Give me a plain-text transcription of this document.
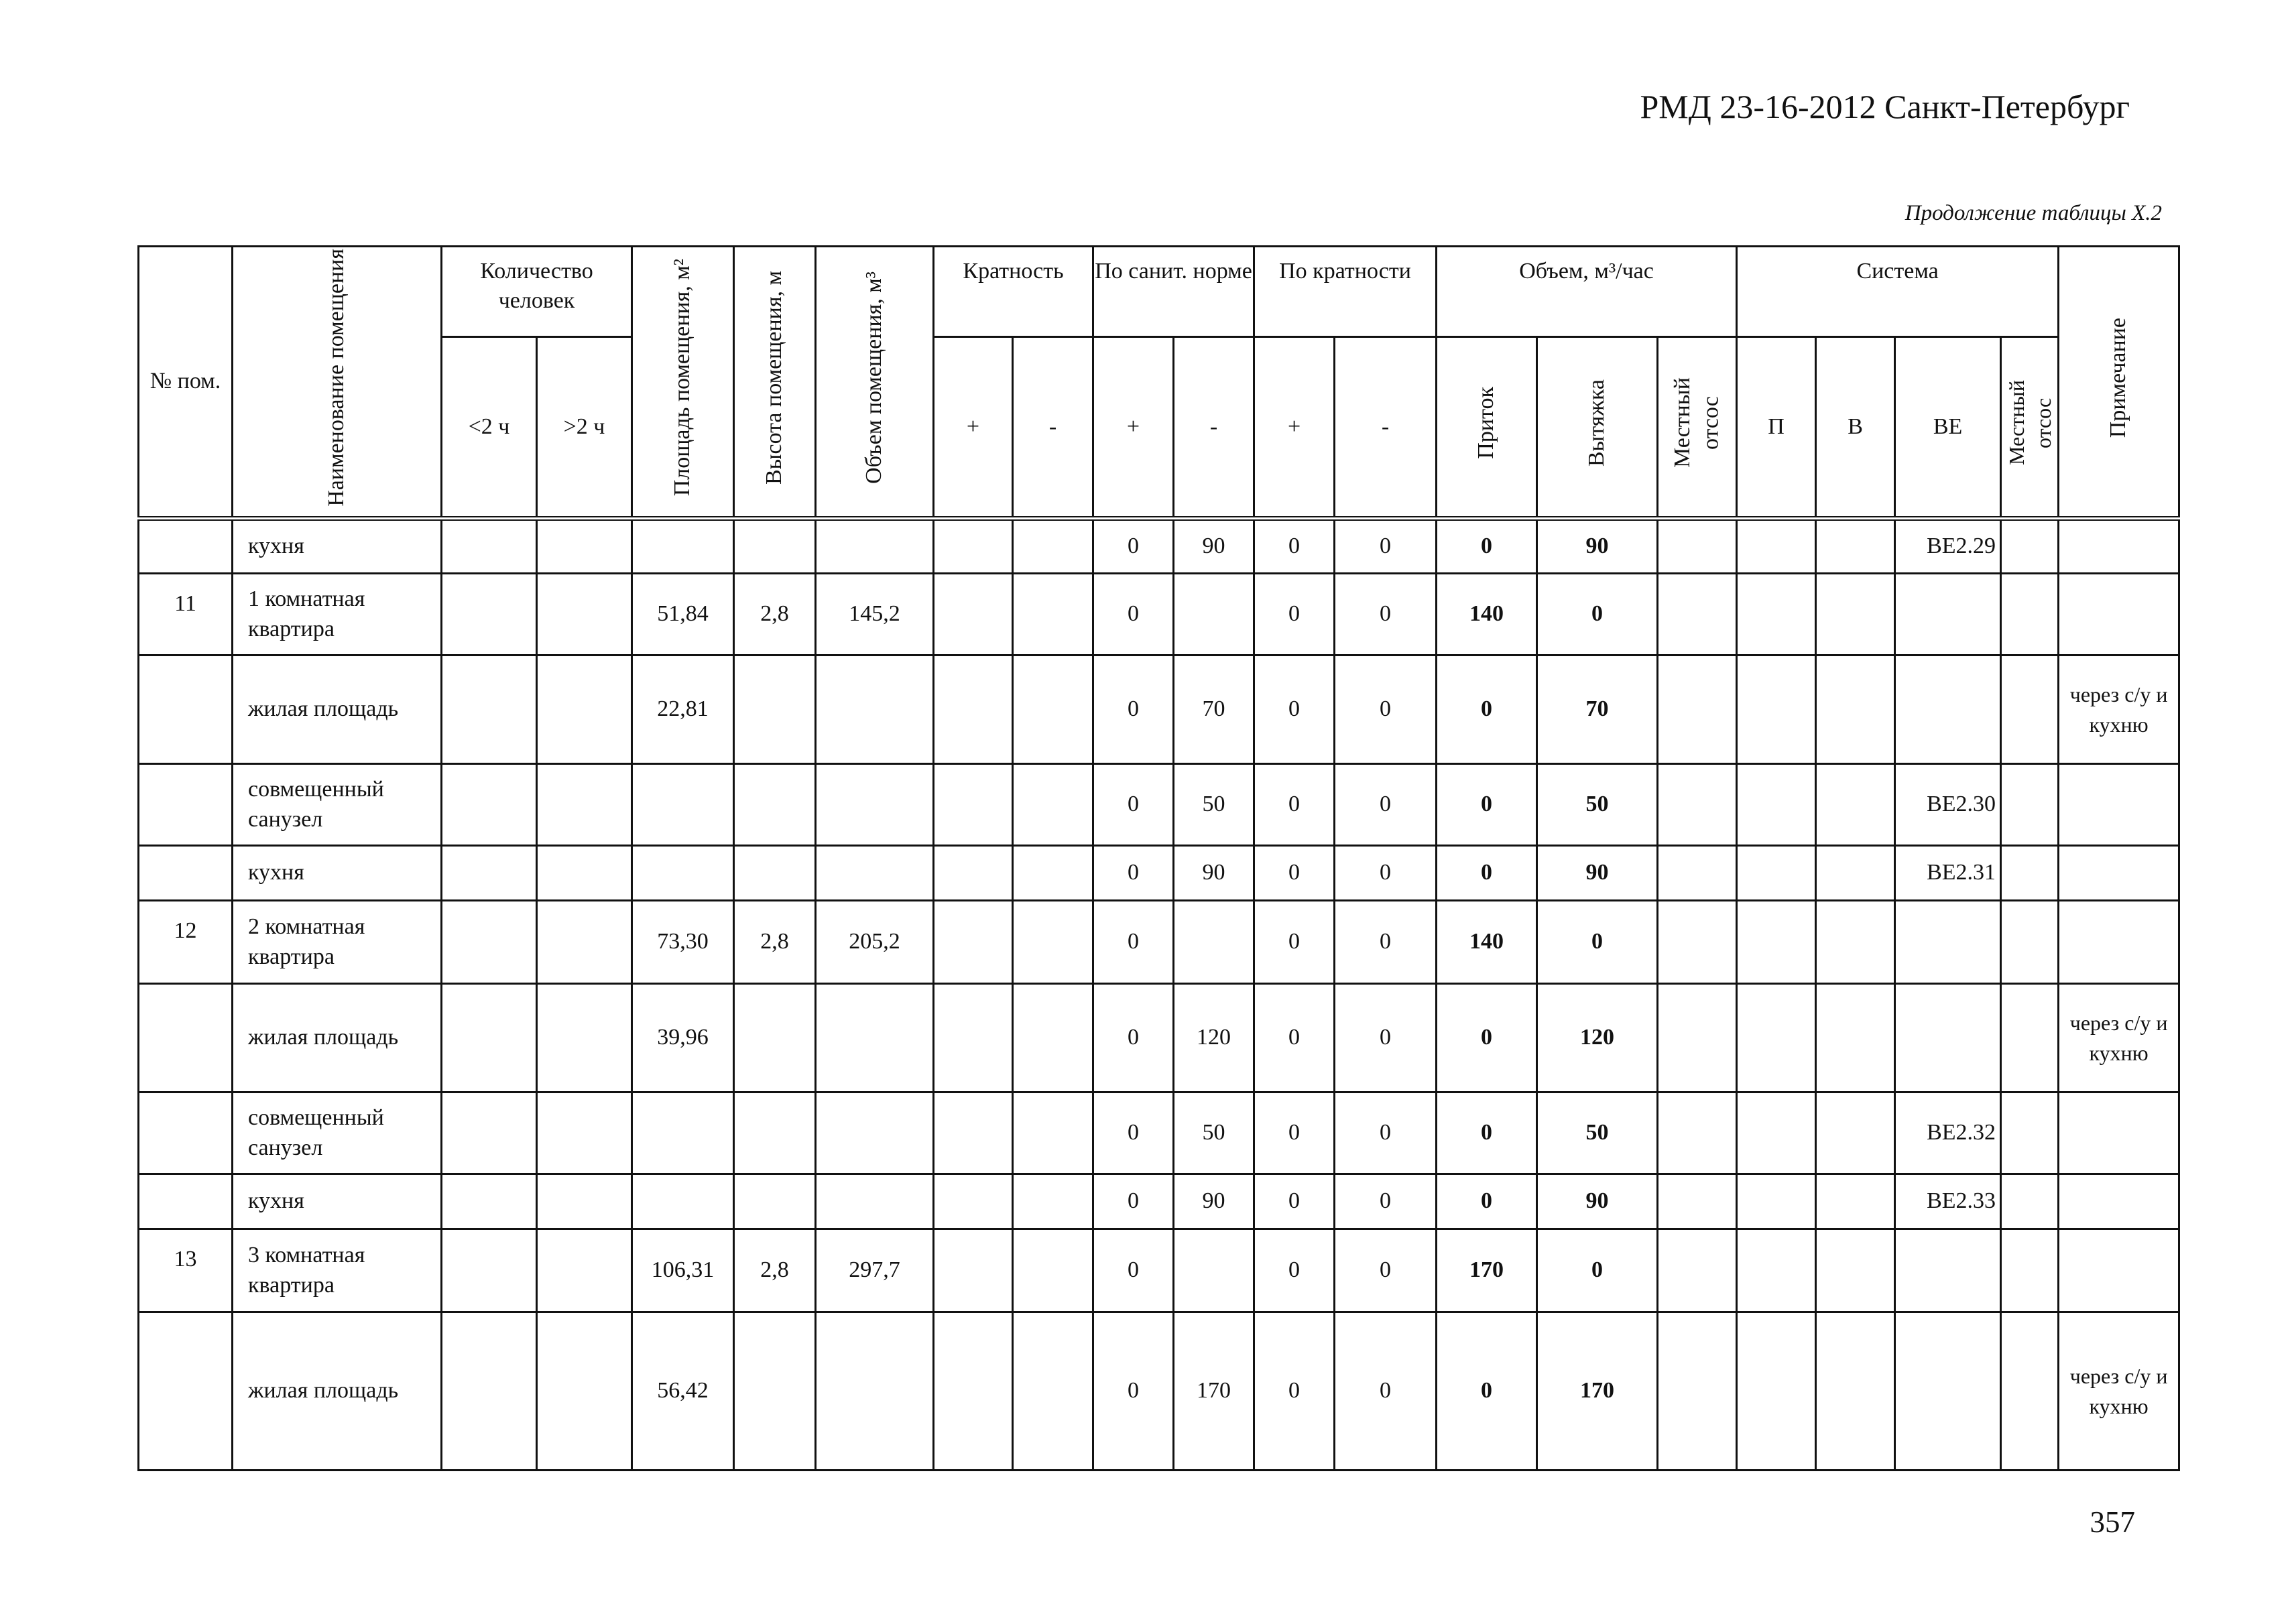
РМД 23-16-2012 Санкт-Петербург
Продолжение таблицы Х.2
№ пом.	Наименование помещения	Количество человек		Площадь помещения, м²	Высота помещения, м	Объем помещения, м³	Кратность		По санит. норме		По кратности		Объем, м³/час			Система				Примечание
		<2 ч	>2 ч				+	-	+	-	+	-	Приток	Вытяжка	Местный отсос	П	В	ВЕ	Местный отсос	
	кухня								0	90	0	0	0	90				ВЕ2.29		
11	1 комнатная квартира			51,84	2,8	145,2			0		0	0	140	0						
	жилая площадь			22,81					0	70	0	0	0	70						через с/у и кухню
	совмещенный санузел								0	50	0	0	0	50				ВЕ2.30		
	кухня								0	90	0	0	0	90				ВЕ2.31		
12	2 комнатная квартира			73,30	2,8	205,2			0		0	0	140	0						
	жилая площадь			39,96					0	120	0	0	0	120						через с/у и кухню
	совмещенный санузел								0	50	0	0	0	50				ВЕ2.32		
	кухня								0	90	0	0	0	90				ВЕ2.33		
13	3 комнатная квартира			106,31	2,8	297,7			0		0	0	170	0						
	жилая площадь			56,42					0	170	0	0	0	170						через с/у и кухню
357
